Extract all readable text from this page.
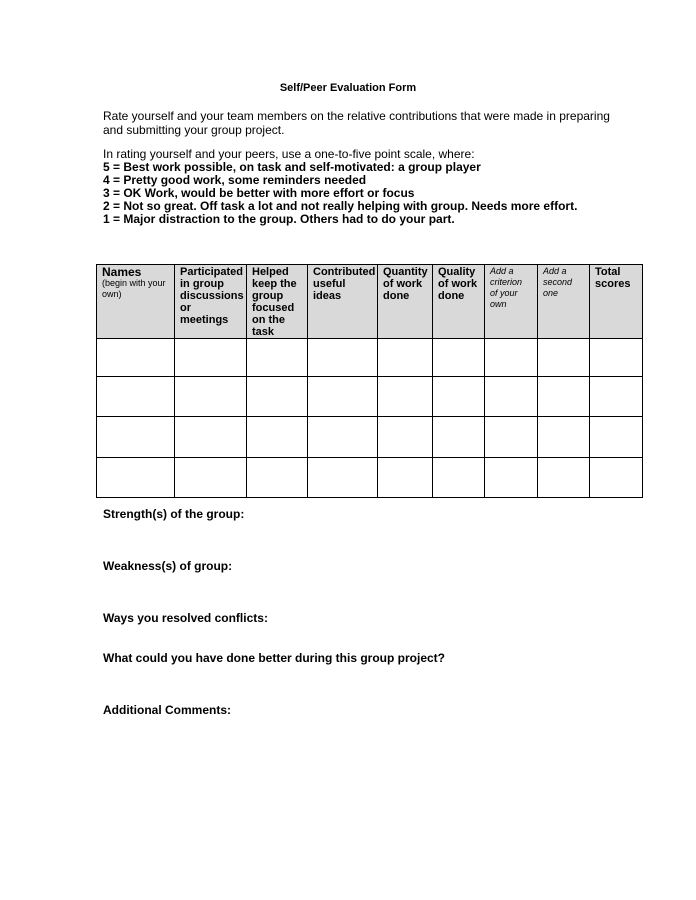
Self/Peer Evaluation Form
Rate yourself and your team members on the relative contributions that were made in preparing
and submitting your group project.
In rating yourself and your peers, use a one-to-five point scale, where:
5 = Best work possible, on task and self-motivated: a group player
4 = Pretty good work, some reminders needed
3 = OK Work, would be better with more effort or focus
2 = Not so great. Off task a lot and not really helping with group. Needs more effort.
1 = Major distraction to the group. Others had to do your part.
Names
(begin with your own)	Participated in group discussions or meetings	Helped keep the group focused on the task	Contributed useful ideas	Quantity of work done	Quality of work done	Add a criterion of your own	Add a second one	Total scores

Strength(s) of the group:
Weakness(s) of group:
Ways you resolved conflicts:
What could you have done better during this group project?
Additional Comments:
